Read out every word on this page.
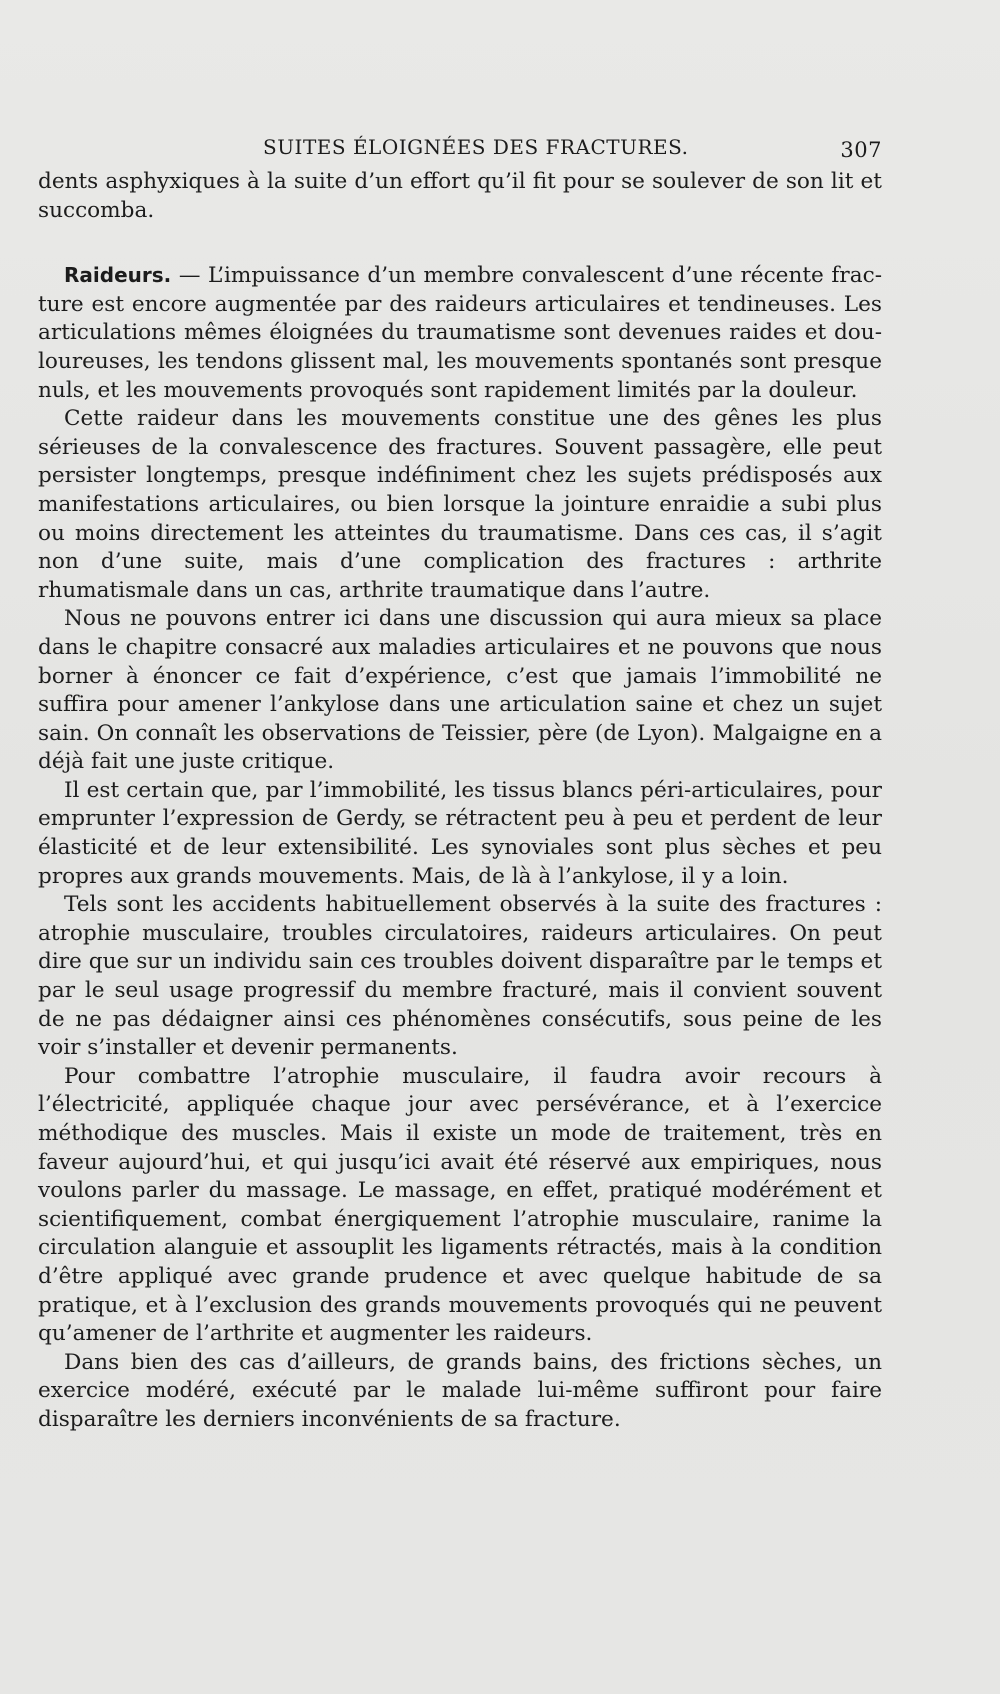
SUITES ÉLOIGNÉES DES FRACTURES.	307

dents asphyxiques à la suite d’un effort qu’il fit pour se soulever de son lit et succomba.

Raideurs. — L’impuissance d’un membre convalescent d’une récente fracture est encore augmentée par des raideurs articulaires et tendineuses. Les articulations mêmes éloignées du traumatisme sont devenues raides et douloureuses, les tendons glissent mal, les mouvements spontanés sont presque nuls, et les mouvements provoqués sont rapidement limités par la douleur.

Cette raideur dans les mouvements constitue une des gênes les plus sérieuses de la convalescence des fractures. Souvent passagère, elle peut persister longtemps, presque indéfiniment chez les sujets prédisposés aux manifestations articulaires, ou bien lorsque la jointure enraidie a subi plus ou moins directement les atteintes du traumatisme. Dans ces cas, il s’agit non d’une suite, mais d’une complication des fractures : arthrite rhumatismale dans un cas, arthrite traumatique dans l’autre.

Nous ne pouvons entrer ici dans une discussion qui aura mieux sa place dans le chapitre consacré aux maladies articulaires et ne pouvons que nous borner à énoncer ce fait d’expérience, c’est que jamais l’immobilité ne suffira pour amener l’ankylose dans une articulation saine et chez un sujet sain. On connaît les observations de Teissier, père (de Lyon). Malgaigne en a déjà fait une juste critique.

Il est certain que, par l’immobilité, les tissus blancs péri-articulaires, pour emprunter l’expression de Gerdy, se rétractent peu à peu et perdent de leur élasticité et de leur extensibilité. Les synoviales sont plus sèches et peu propres aux grands mouvements. Mais, de là à l’ankylose, il y a loin.

Tels sont les accidents habituellement observés à la suite des fractures : atrophie musculaire, troubles circulatoires, raideurs articulaires. On peut dire que sur un individu sain ces troubles doivent disparaître par le temps et par le seul usage progressif du membre fracturé, mais il convient souvent de ne pas dédaigner ainsi ces phénomènes consécutifs, sous peine de les voir s’installer et devenir permanents.

Pour combattre l’atrophie musculaire, il faudra avoir recours à l’électricité, appliquée chaque jour avec persévérance, et à l’exercice méthodique des muscles. Mais il existe un mode de traitement, très en faveur aujourd’hui, et qui jusqu’ici avait été réservé aux empiriques, nous voulons parler du massage. Le massage, en effet, pratiqué modérément et scientifiquement, combat énergiquement l’atrophie musculaire, ranime la circulation alanguie et assouplit les ligaments rétractés, mais à la condition d’être appliqué avec grande prudence et avec quelque habitude de sa pratique, et à l’exclusion des grands mouvements provoqués qui ne peuvent qu’amener de l’arthrite et augmenter les raideurs.

Dans bien des cas d’ailleurs, de grands bains, des frictions sèches, un exercice modéré, exécuté par le malade lui-même suffiront pour faire disparaître les derniers inconvénients de sa fracture.
